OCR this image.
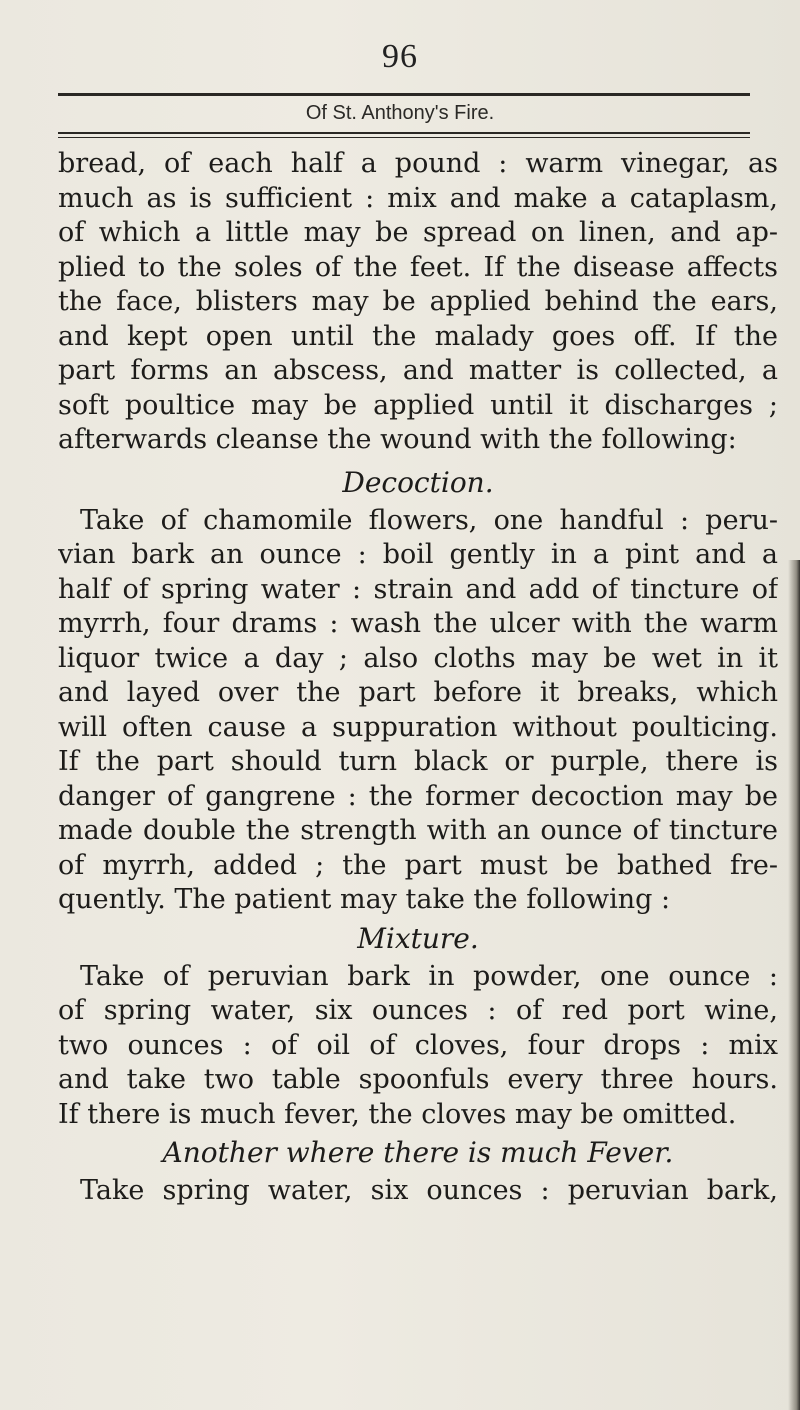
96
Of St. Anthony's Fire.
bread, of each half a pound : warm vinegar, as
much as is sufficient : mix and make a cataplasm,
of which a little may be spread on linen, and ap-
plied to the soles of the feet. If the disease affects
the face, blisters may be applied behind the ears,
and kept open until the malady goes off. If the
part forms an abscess, and matter is collected, a
soft poultice may be applied until it discharges ;
afterwards cleanse the wound with the following:
Decoction.
Take of chamomile flowers, one handful : peru-
vian bark an ounce : boil gently in a pint and a
half of spring water : strain and add of tincture of
myrrh, four drams : wash the ulcer with the warm
liquor twice a day ; also cloths may be wet in it
and layed over the part before it breaks, which
will often cause a suppuration without poulticing.
If the part should turn black or purple, there is
danger of gangrene : the former decoction may be
made double the strength with an ounce of tincture
of myrrh, added ; the part must be bathed fre-
quently. The patient may take the following :
Mixture.
Take of peruvian bark in powder, one ounce :
of spring water, six ounces : of red port wine,
two ounces : of oil of cloves, four drops : mix
and take two table spoonfuls every three hours.
If there is much fever, the cloves may be omitted.
Another where there is much Fever.
Take spring water, six ounces : peruvian bark,
